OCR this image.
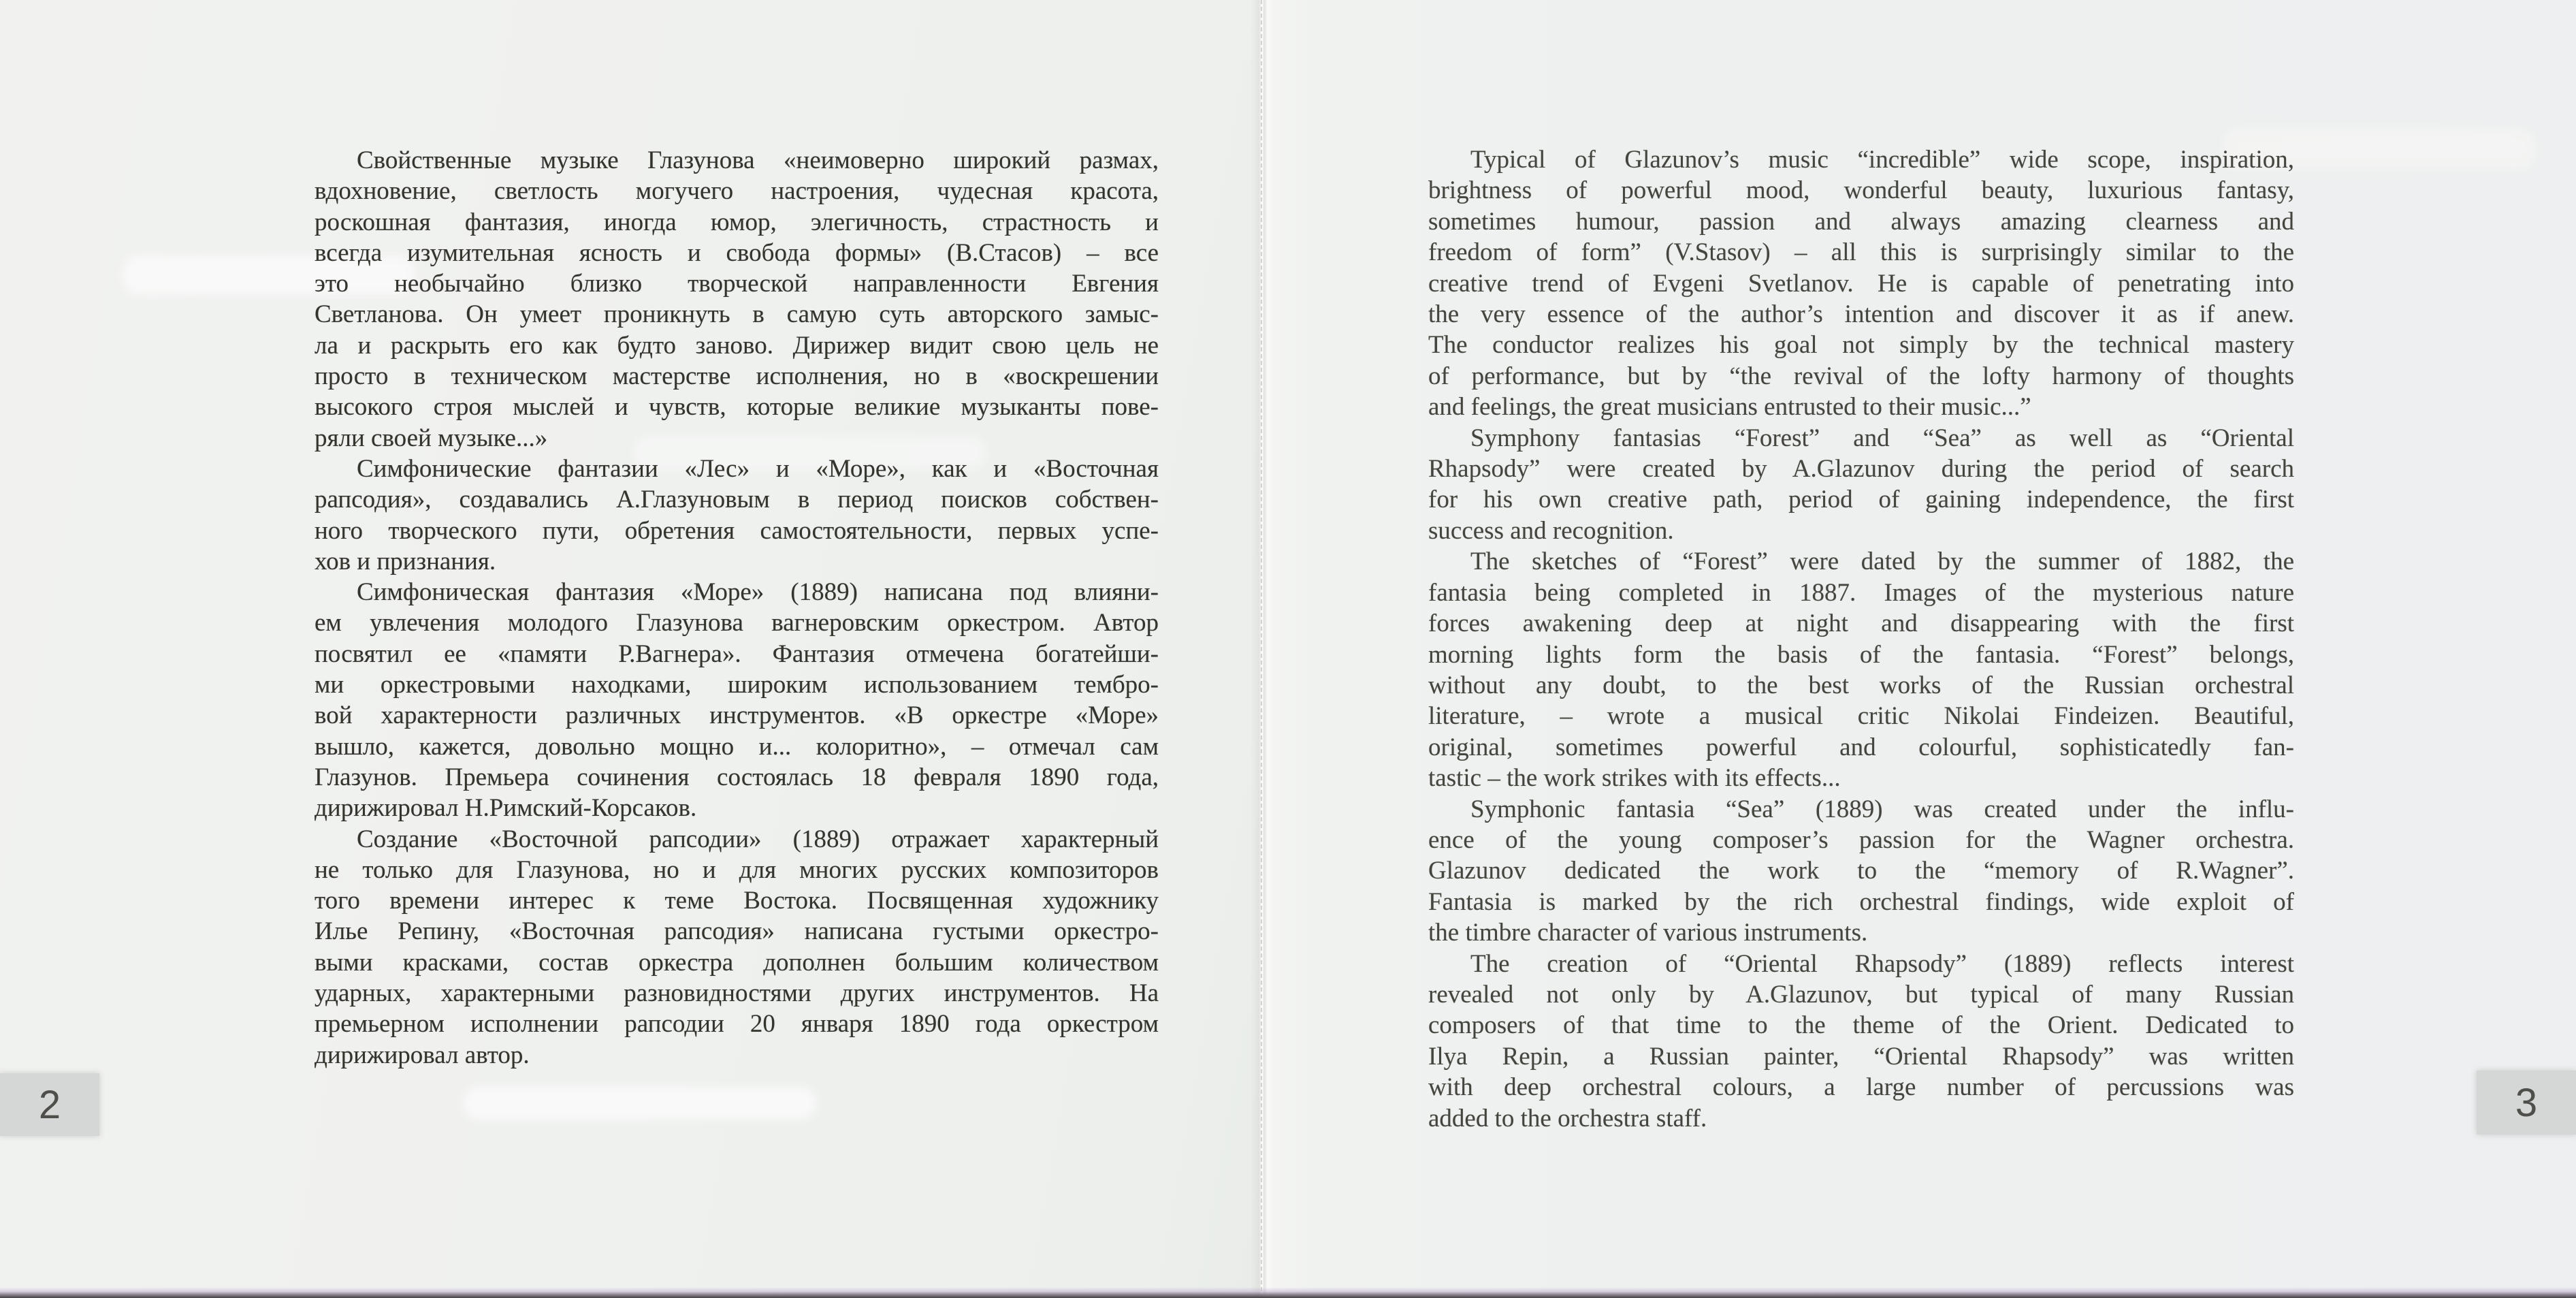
Свойственные музыке Глазунова «неимоверно широкий размах,
вдохновение, светлость могучего настроения, чудесная красота,
роскошная фантазия, иногда юмор, элегичность, страстность и
всегда изумительная ясность и свобода формы» (В.Стасов) – все
это необычайно близко творческой направленности Евгения
Светланова. Он умеет проникнуть в самую суть авторского замыс-
ла и раскрыть его как будто заново. Дирижер видит свою цель не
просто в техническом мастерстве исполнения, но в «воскрешении
высокого строя мыслей и чувств, которые великие музыканты пове-
ряли своей музыке...»
Симфонические фантазии «Лес» и «Море», как и «Восточная
рапсодия», создавались А.Глазуновым в период поисков собствен-
ного творческого пути, обретения самостоятельности, первых успе-
хов и признания.
Симфоническая фантазия «Море» (1889) написана под влияни-
ем увлечения молодого Глазунова вагнеровским оркестром. Автор
посвятил ее «памяти Р.Вагнера». Фантазия отмечена богатейши-
ми оркестровыми находками, широким использованием тембро-
вой характерности различных инструментов. «В оркестре «Море»
вышло, кажется, довольно мощно и... колоритно», – отмечал сам
Глазунов. Премьера сочинения состоялась 18 февраля 1890 года,
дирижировал Н.Римский-Корсаков.
Создание «Восточной рапсодии» (1889) отражает характерный
не только для Глазунова, но и для многих русских композиторов
того времени интерес к теме Востока. Посвященная художнику
Илье Репину, «Восточная рапсодия» написана густыми оркестро-
выми красками, состав оркестра дополнен большим количеством
ударных, характерными разновидностями других инструментов. На
премьерном исполнении рапсодии 20 января 1890 года оркестром
дирижировал автор.
Typical of Glazunov’s music “incredible” wide scope, inspiration,
brightness of powerful mood, wonderful beauty, luxurious fantasy,
sometimes humour, passion and always amazing clearness and
freedom of form” (V.Stasov) – all this is surprisingly similar to the
creative trend of Evgeni Svetlanov. He is capable of penetrating into
the very essence of the author’s intention and discover it as if anew.
The conductor realizes his goal not simply by the technical mastery
of performance, but by “the revival of the lofty harmony of thoughts
and feelings, the great musicians entrusted to their music...”
Symphony fantasias “Forest” and “Sea” as well as “Oriental
Rhapsody” were created by A.Glazunov during the period of search
for his own creative path, period of gaining independence, the first
success and recognition.
The sketches of “Forest” were dated by the summer of 1882, the
fantasia being completed in 1887. Images of the mysterious nature
forces awakening deep at night and disappearing with the first
morning lights form the basis of the fantasia. “Forest” belongs,
without any doubt, to the best works of the Russian orchestral
literature, – wrote a musical critic Nikolai Findeizen. Beautiful,
original, sometimes powerful and colourful, sophisticatedly fan-
tastic – the work strikes with its effects...
Symphonic fantasia “Sea” (1889) was created under the influ-
ence of the young composer’s passion for the Wagner orchestra.
Glazunov dedicated the work to the “memory of R.Wagner”.
Fantasia is marked by the rich orchestral findings, wide exploit of
the timbre character of various instruments.
The creation of “Oriental Rhapsody” (1889) reflects interest
revealed not only by A.Glazunov, but typical of many Russian
composers of that time to the theme of the Orient. Dedicated to
Ilya Repin, a Russian painter, “Oriental Rhapsody” was written
with deep orchestral colours, a large number of percussions was
added to the orchestra staff.
2	3
